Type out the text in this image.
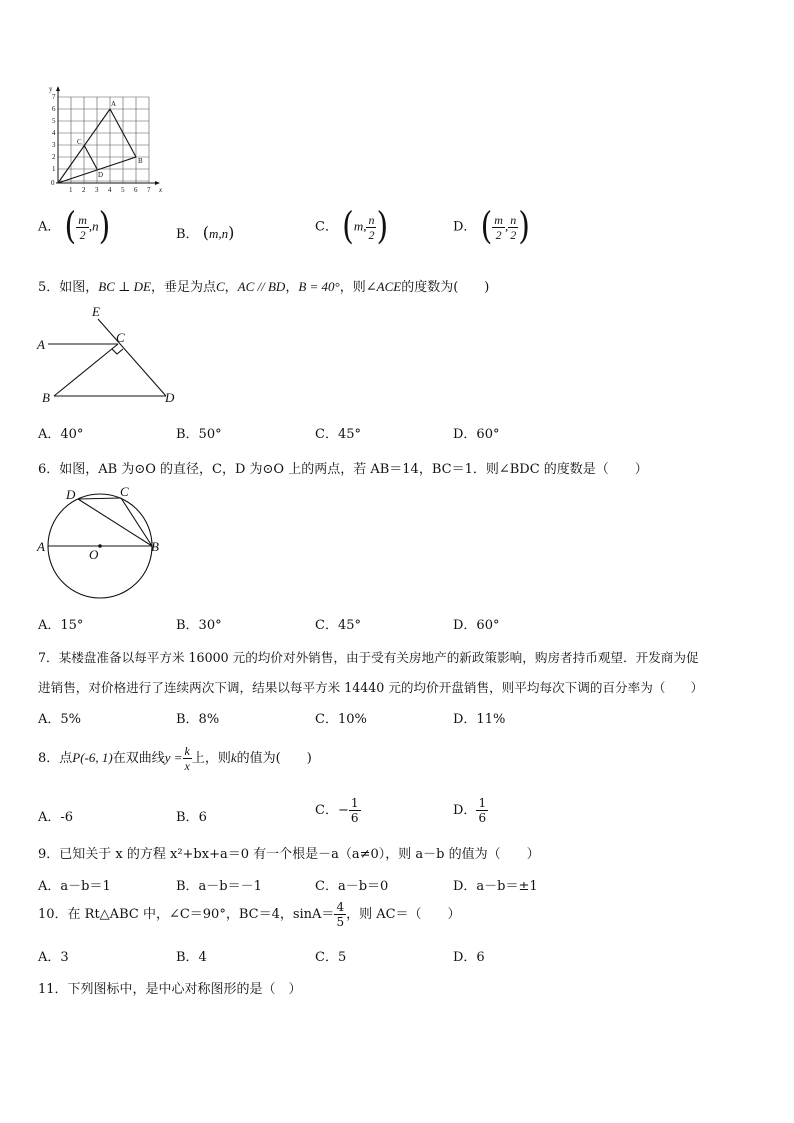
y
7
6
5
4
3
2
1
0
1 2 3 4 5 6 7 x
A
B
C
D
A． ( $\frac{m}{2} ,n$)	B． (m,n)	C． (m, $\frac{n}{2}$ )	D． ( $\frac{m}{2}$ , $\frac{n}{2}$ )
5．如图，BC ⊥ DE，垂足为点C，AC // BD，B = 40°，则∠ACE的度数为(　　)
E
C
A
B	D
A．40°	B．50°	C．45°	D．60°
6．如图，AB 为⊙O 的直径，C，D 为⊙O 上的两点，若 AB＝14，BC＝1．则∠BDC 的度数是（　　）
D	C
A
O
B
A．15°	B．30°	C．45°	D．60°
7．某楼盘准备以每平方米 16000 元的均价对外销售，由于受有关房地产的新政策影响，购房者持币观望．开发商为促
进销售，对价格进行了连续两次下调，结果以每平方米 14440 元的均价开盘销售，则平均每次下调的百分率为（　　）
A．5%	B．8%	C．10%	D．11%
8．点P(-6, 1)在双曲线$y = \frac{k}{x}$ 上，则k的值为(　　)
A．-6	B．6	C．− $\frac{1}{6}$	D． $\frac{1}{6}$
9．已知关于 x 的方程 x²+bx+a＝0 有一个根是－a（a≠0），则 a－b 的值为（　　）
A．a－b＝1	B．a－b＝－1	C．a－b＝0	D．a－b＝±1
10．在 Rt△ABC 中，∠C＝90°，BC＝4，$\sin A= \frac{4}{5}$ ，则 AC＝（　　）
A．3	B．4	C．5	D．6
11．下列图标中，是中心对称图形的是（　）
